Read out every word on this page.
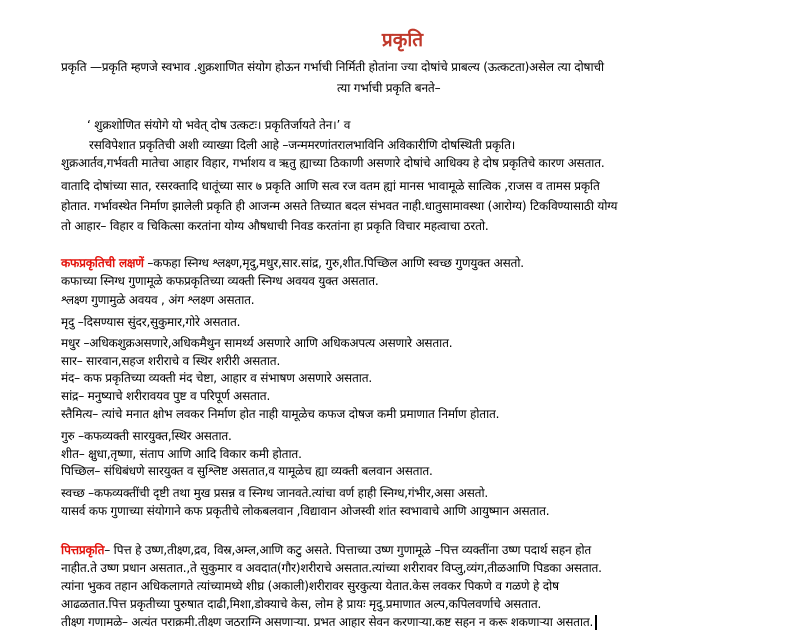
प्रकृति
प्रकृति —प्रकृति म्हणजे स्वभाव .शुक्रशाणित संयोग होऊन गर्भाची निर्मिती होतांना ज्या दोषांचे प्राबल्य (ऊत्कटता)असेल त्या दोषाची
त्या गर्भाची प्रकृति बनते–
‘ शुक्रशोणित संयोगे यो भवेत् दोष उत्कटः। प्रकृतिर्जायते तेन।’ व
रसविपेशात प्रकृतिची अशी व्याख्या दिली आहे –जन्ममरणांतरालभाविनि अविकारीणि दोषस्थिती प्रकृति।
शुक्रआर्तव,गर्भवती मातेचा आहार विहार, गर्भाशय व ऋतु ह्याच्या ठिकाणी असणारे दोषांचे आधिक्य हे दोष प्रकृतिचे कारण असतात.
वातादि दोषांच्या सात, रसरक्तादि धातूंच्या सार ७ प्रकृति आणि सत्व रज वतम ह्यां मानस भावामूळे सात्विक ,राजस व तामस प्रकृति
होतात. गर्भावस्थेत निर्माण झालेली प्रकृति ही आजन्म असते तिच्यात बदल संभवत नाही.धातुसामावस्था (आरोग्य) टिकविण्यासाठी योग्य
तो आहार– विहार व चिकित्सा करतांना योग्य औषधाची निवड करतांना हा प्रकृति विचार महत्वाचा ठरतो.
कफप्रकृतिची लक्षणें –कफहा स्निग्ध श्लक्ष्ण,मृदु,मधुर,सार.सांद्र, गुरु,शीत.पिच्छिल आणि स्वच्छ गुणयुक्त असतो.
कफाच्या स्निग्ध गुणामूळे कफप्रकृतिच्या व्यक्ती स्निग्ध अवयव युक्त असतात.
श्लक्ष्ण गुणामुळे अवयव , अंग श्लक्ष्ण असतात.
मृदु –दिसण्यास सुंदर,सुकुमार,गोरे असतात.
मधुर –अधिकशुक्रअसणारे,अधिकमैथुन सामर्थ्य असणारे आणि अधिकअपत्य असणारे असतात.
सार– सारवान,सहज शरीराचे व स्थिर शरीरी असतात.
मंद– कफ प्रकृतिच्या व्यक्ती मंद चेष्टा, आहार व संभाषण असणारे असतात.
सांद्र– मनुष्याचे शरीरावयव पुष्ट व परिपूर्ण असतात.
स्तैमित्य– त्यांचे मनात क्षोभ लवकर निर्माण होत नाही यामूळेच कफज दोषज कमी प्रमाणात निर्माण होतात.
गुरु –कफव्यक्ती सारयुक्त,स्थिर असतात.
शीत– क्षुधा,तृष्णा, संताप आणि आदि विकार कमी होतात.
पिच्छिल– संधिबंधणे सारयुक्त व सुश्लिष्ट असतात,व यामूळेच ह्या व्यक्ती बलवान असतात.
स्वच्छ –कफव्यक्तींची दृष्टी तथा मुख प्रसन्न व स्निग्ध जानवते.त्यांचा वर्ण हाही स्निग्ध,गंभीर,असा असतो.
यासर्व कफ गुणाच्या संयोगाने कफ प्रकृतीचे लोकबलवान ,विद्यावान ओजस्वी शांत स्वभावाचे आणि आयुष्मान असतात.
पित्तप्रकृति– पित्त हे उष्ण,तीक्ष्ण,द्रव, विस्र,अम्ल,आणि कटु असते. पित्ताच्या उष्ण गुणामूळे –पित्त व्यक्तींना उष्ण पदार्थ सहन होत
नाहीत.ते उष्ण प्रधान असतात.,ते सुकुमार व अवदात(गौर)शरीराचे असतात.त्यांच्या शरीरावर विप्लु,व्यंग,तीळआणि पिडका असतात.
त्यांना भुकव तहान अधिकलागते त्यांच्यामध्ये शीघ्र (अकाली)शरीरावर सुरकुत्या येतात.केस लवकर पिकणे व गळणे हे दोष
आढळतात.पित्त प्रकृतीच्या पुरुषात दाढी,मिशा,डोक्याचे केस, लोम हे प्रायः मृदु.प्रमाणात अल्प,कपिलवर्णाचे असतात.
तीक्ष्ण गणामळे– अत्यंत पराक्रमी.तीक्ष्ण जठराग्नि असणाऱ्या. प्रभत आहार सेवन करणाऱ्या.कष्ट सहन न करू शकणाऱ्या असतात.
